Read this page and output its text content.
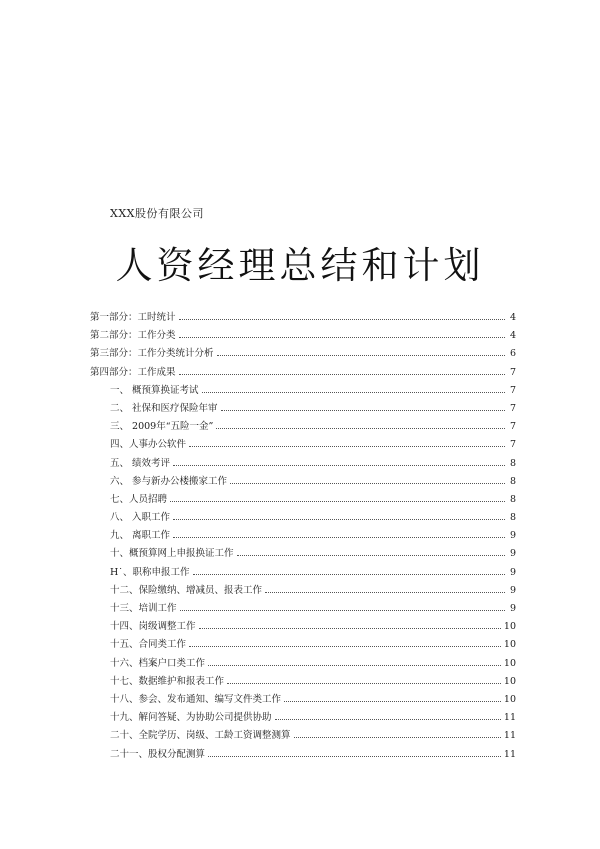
XXX股份有限公司
人资经理总结和计划
第一部分：工时统计	4
第二部分：工作分类	4
第三部分：工作分类统计分析	6
第四部分：工作成果	7
一、 概预算换证考试	7
二、 社保和医疗保险年审	7
三、 2009年“五险一金”	7
四、人事办公软件	7
五、 绩效考评	8
六、 参与新办公楼搬家工作	8
七、人员招聘	8
八、 入职工作	8
九、 离职工作	9
十、概预算网上申报换证工作	9
H˙、职称申报工作	9
十二、保险缴纳、增减员、报表工作	9
十三、培训工作	9
十四、岗级调整工作	10
十五、合同类工作	10
十六、档案户口类工作	10
十七、数据维护和报表工作	10
十八、参会、发布通知、编写文件类工作	10
十九、解问答疑、为协助公司提供协助	11
二十、全院学历、岗级、工龄工资调整测算	11
二十一、股权分配测算	11
